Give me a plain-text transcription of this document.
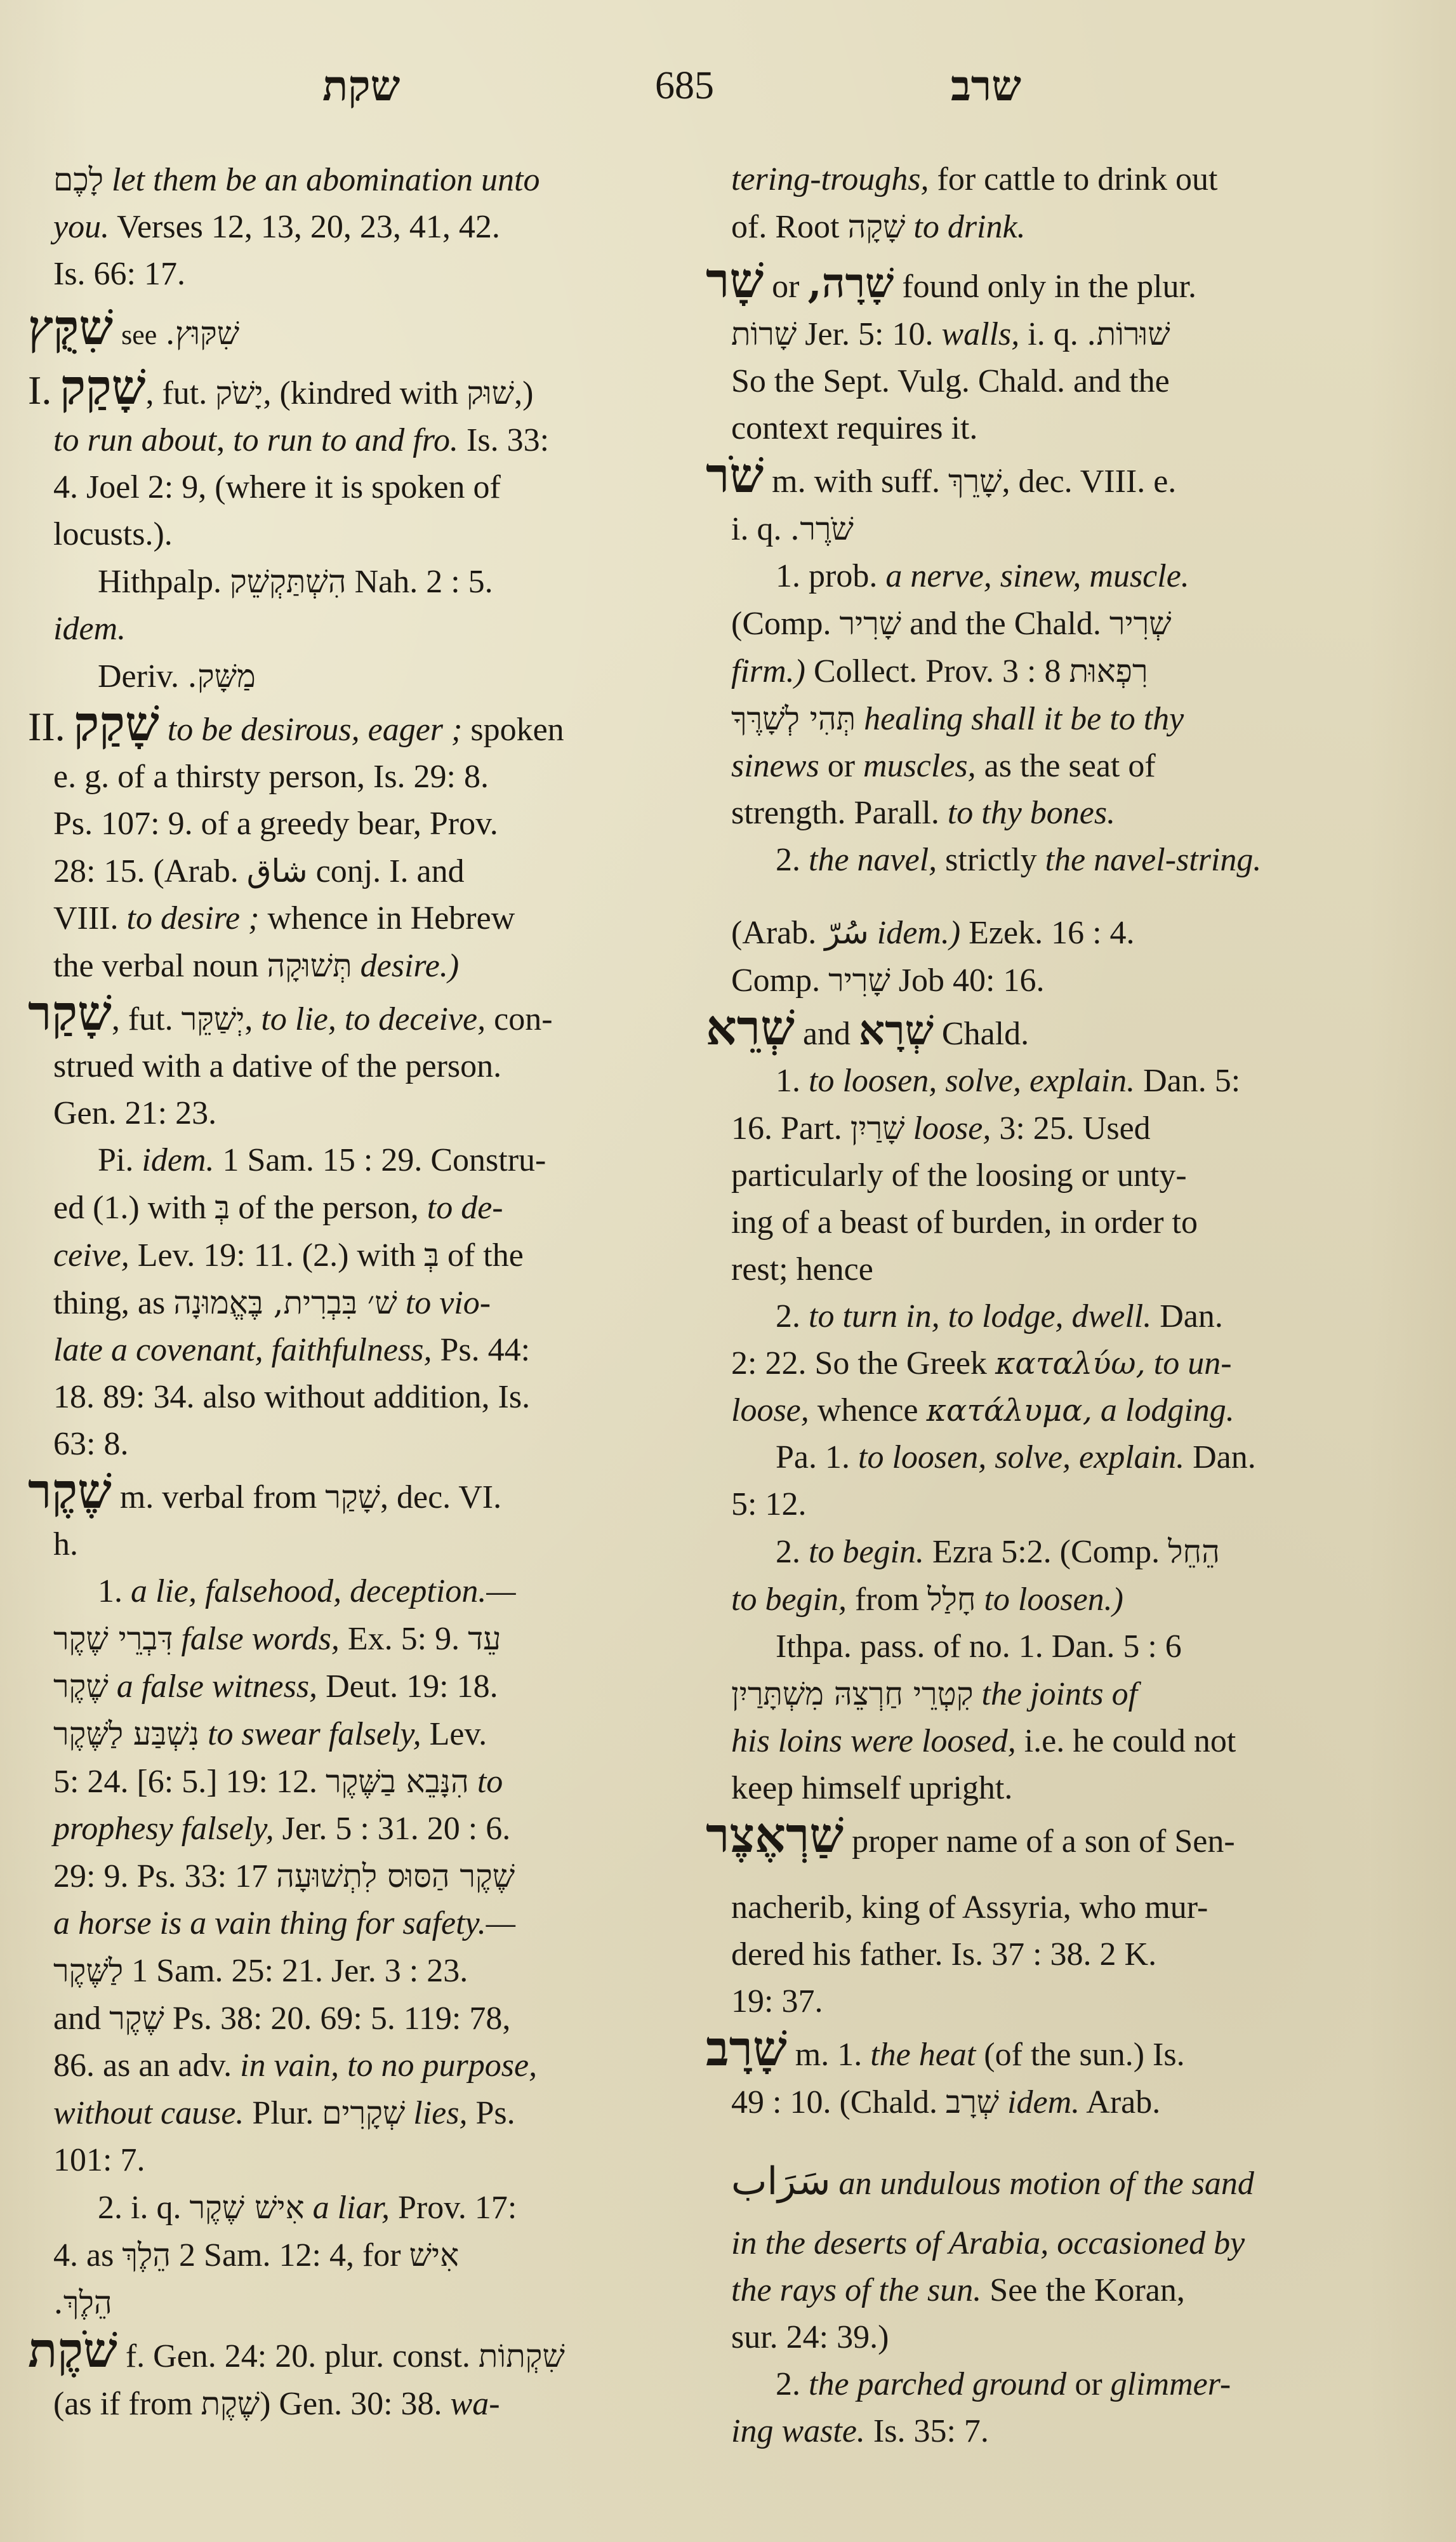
שקת	685	שרב
לָכֶם let them be an abomination unto
you. Verses 12, 13, 20, 23, 41, 42.
Is. 66: 17.
שִׁקֻּץ see שִׁקּוּץ.
I. שָׁקַק, fut. יָשֹׁק, (kindred with שׁוּק,)
to run about, to run to and fro. Is. 33:
4. Joel 2: 9, (where it is spoken of
locusts.).
Hithpalp. הִשְׁתַּקְשֵׁק Nah. 2 : 5.
idem.
Deriv. מַשָּׁק.
II. שָׁקַק to be desirous, eager ; spoken
e. g. of a thirsty person, Is. 29: 8.
Ps. 107: 9. of a greedy bear, Prov.
28: 15. (Arab. شاق conj. I. and
VIII. to desire ; whence in Hebrew
the verbal noun תְּשׁוּקָה desire.)
שָׁקַר, fut. יְשַׁקֵּר, to lie, to deceive, con-
strued with a dative of the person.
Gen. 21: 23.
Pi. idem. 1 Sam. 15 : 29. Constru-
ed (1.) with בְּ of the person, to de-
ceive, Lev. 19: 11. (2.) with בְּ of the
thing, as שׁ׳ בִּבְרִית, בֶּאֱמוּנָה to vio-
late a covenant, faithfulness, Ps. 44:
18. 89: 34. also without addition, Is.
63: 8.
שֶׁקֶר m. verbal from שָׁקַר, dec. VI.
h.
1. a lie, falsehood, deception.—
דִּבְרֵי שֶׁקֶר false words, Ex. 5: 9. עֵד
שֶׁקֶר a false witness, Deut. 19: 18.
נִשְׁבַּע לַשֶּׁקֶר to swear falsely, Lev.
5: 24. [6: 5.] 19: 12. הִנָּבֵא בַשֶּׁקֶר to
prophesy falsely, Jer. 5 : 31. 20 : 6.
29: 9. Ps. 33: 17 שֶׁקֶר הַסּוּס לִתְשׁוּעָה
a horse is a vain thing for safety.—
לַשֶּׁקֶר 1 Sam. 25: 21. Jer. 3 : 23.
and שֶׁקֶר Ps. 38: 20. 69: 5. 119: 78,
86. as an adv. in vain, to no purpose,
without cause. Plur. שְׁקָרִים lies, Ps.
101: 7.
2. i. q. אִישׁ שֶׁקֶר a liar, Prov. 17:
4. as הֵלֶךְ 2 Sam. 12: 4, for אִישׁ
הֵלֶךְ.
שֹׁקֶת f. Gen. 24: 20. plur. const. שִׁקְתוֹת
(as if from שֶׁקֶת) Gen. 30: 38. wa-
tering-troughs, for cattle to drink out
of. Root שָׁקָה to drink.
שָׁר or שָׁרָה, found only in the plur.
שָׁרוֹת Jer. 5: 10. walls, i. q. שׁוּרוֹת.
So the Sept. Vulg. Chald. and the
context requires it.
שֹׁר m. with suff. שָׁרֵךְ, dec. VIII. e.
i. q. שֹׁרֶר.
1. prob. a nerve, sinew, muscle.
(Comp. שָׁרִיר and the Chald. שְׁרִיר
firm.) Collect. Prov. 3 : 8 רִפְאוּת
תְּהִי לְשָׁרֶּךָ healing shall it be to thy
sinews or muscles, as the seat of
strength. Parall. to thy bones.
2. the navel, strictly the navel-string.
(Arab. سُرّ idem.) Ezek. 16 : 4.
Comp. שָׁרִיר Job 40: 16.
שְׁרֵא and שְׁרָא Chald.
1. to loosen, solve, explain. Dan. 5:
16. Part. שָׁרַיִן loose, 3: 25. Used
particularly of the loosing or unty-
ing of a beast of burden, in order to
rest; hence
2. to turn in, to lodge, dwell. Dan.
2: 22. So the Greek καταλύω, to un-
loose, whence κατάλυμα, a lodging.
Pa. 1. to loosen, solve, explain. Dan.
5: 12.
2. to begin. Ezra 5:2. (Comp. הֵחֵל
to begin, from חָלַל to loosen.)
Ithpa. pass. of no. 1. Dan. 5 : 6
קִטְרֵי חַרְצֵהּ מִשְׁתָּרַיִן the joints of
his loins were loosed, i.e. he could not
keep himself upright.
שַׁרְאֶצֶר proper name of a son of Sen-
nacherib, king of Assyria, who mur-
dered his father. Is. 37 : 38. 2 K.
19: 37.
שָׁרָב m. 1. the heat (of the sun.) Is.
49 : 10. (Chald. שְׁרָב idem. Arab.
سَرَاب an undulous motion of the sand
in the deserts of Arabia, occasioned by
the rays of the sun. See the Koran,
sur. 24: 39.)
2. the parched ground or glimmer-
ing waste. Is. 35: 7.
